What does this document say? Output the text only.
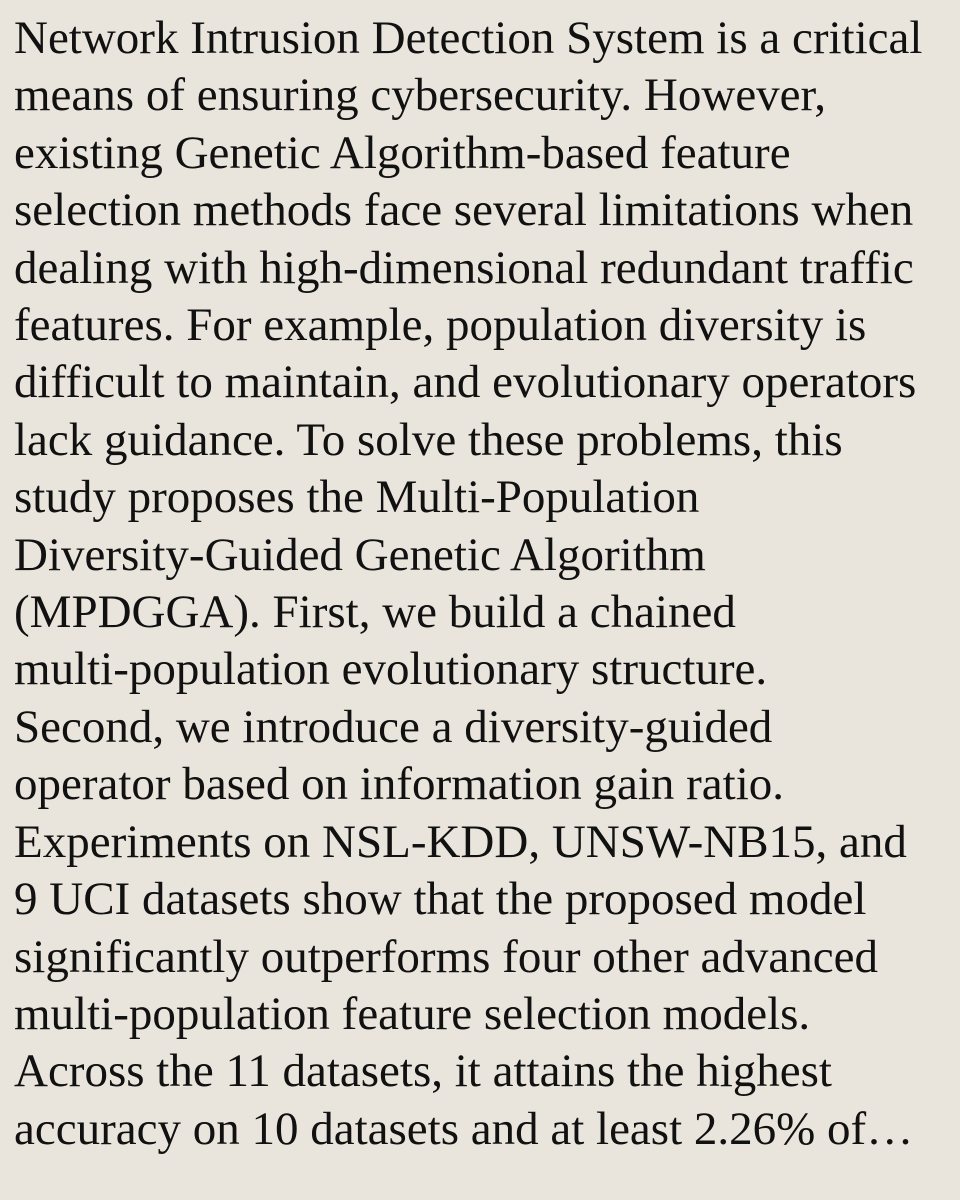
Network Intrusion Detection System is a critical
means of ensuring cybersecurity. However,
existing Genetic Algorithm-based feature
selection methods face several limitations when
dealing with high-dimensional redundant traffic
features. For example, population diversity is
difficult to maintain, and evolutionary operators
lack guidance. To solve these problems, this
study proposes the Multi-Population
Diversity-Guided Genetic Algorithm
(MPDGGA). First, we build a chained
multi-population evolutionary structure.
Second, we introduce a diversity-guided
operator based on information gain ratio.
Experiments on NSL-KDD, UNSW-NB15, and
9 UCI datasets show that the proposed model
significantly outperforms four other advanced
multi-population feature selection models.
Across the 11 datasets, it attains the highest
accuracy on 10 datasets and at least 2.26% of…
